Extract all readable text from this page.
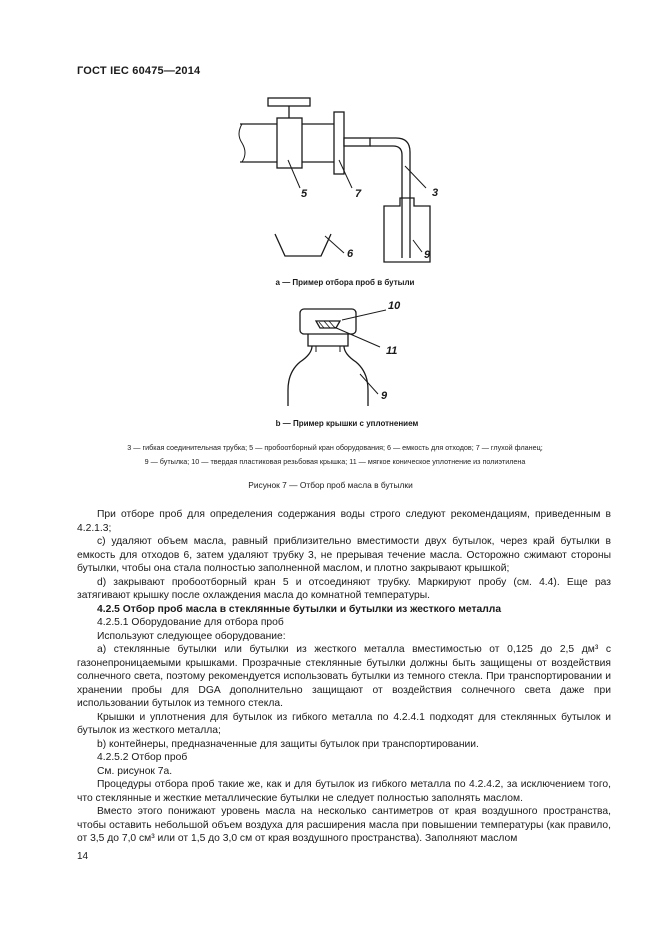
ГОСТ IEC 60475—2014
5	7	3
6	9
10
11
9
a — Пример отбора проб в бутыли
b — Пример крышки с уплотнением
3 — гибкая соединительная трубка; 5 — пробоотборный кран оборудования; 6 — емкость для отходов; 7 — глухой фланец;
9 — бутылка; 10 — твердая пластиковая резьбовая крышка; 11 — мягкое коническое уплотнение из полиэтилена
Рисунок 7 — Отбор проб масла в бутылки

При отборе проб для определения содержания воды строго следуют рекомендациям, приведенным в 4.2.1.3;

c) удаляют объем масла, равный приблизительно вместимости двух бутылок, через край бутылки в емкость для отходов 6, затем удаляют трубку 3, не прерывая течение масла. Осторожно сжимают стороны бутылки, чтобы она стала полностью заполненной маслом, и плотно закрывают крышкой;

d) закрывают пробоотборный кран 5 и отсоединяют трубку. Маркируют пробу (см. 4.4). Еще раз затягивают крышку после охлаждения масла до комнатной температуры.

4.2.5 Отбор проб масла в стеклянные бутылки и бутылки из жесткого металла

4.2.5.1 Оборудование для отбора проб

Используют следующее оборудование:

a) стеклянные бутылки или бутылки из жесткого металла вместимостью от 0,125 до 2,5 дм³ с газонепроницаемыми крышками. Прозрачные стеклянные бутылки должны быть защищены от воздействия солнечного света, поэтому рекомендуется использовать бутылки из темного стекла. При транспортировании и хранении пробы для DGA дополнительно защищают от воздействия солнечного света даже при использовании бутылок из темного стекла.

Крышки и уплотнения для бутылок из гибкого металла по 4.2.4.1 подходят для стеклянных бутылок и бутылок из жесткого металла;

b) контейнеры, предназначенные для защиты бутылок при транспортировании.

4.2.5.2 Отбор проб

См. рисунок 7a.

Процедуры отбора проб такие же, как и для бутылок из гибкого металла по 4.2.4.2, за исключением того, что стеклянные и жесткие металлические бутылки не следует полностью заполнять маслом.

Вместо этого понижают уровень масла на несколько сантиметров от края воздушного пространства, чтобы оставить небольшой объем воздуха для расширения масла при повышении температуры (как правило, от 3,5 до 7,0 см³ или от 1,5 до 3,0 см от края воздушного пространства). Заполняют маслом

14
